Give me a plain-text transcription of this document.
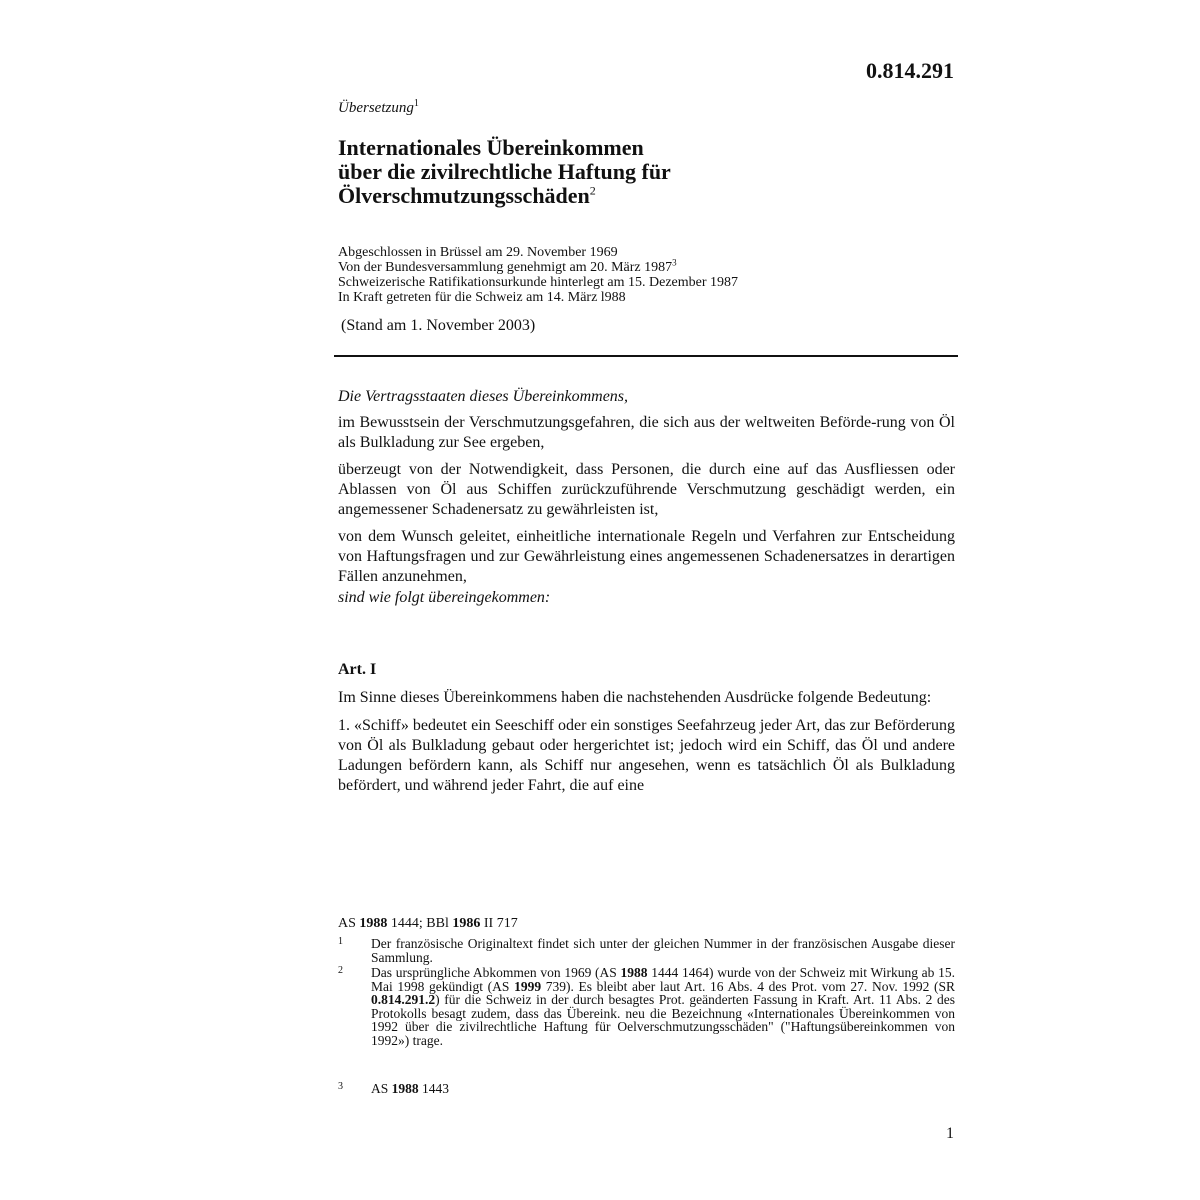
0.814.291
Übersetzung$^1$
Internationales Übereinkommen
über die zivilrechtliche Haftung für
Ölverschmutzungsschäden$^2$
Abgeschlossen in Brüssel am 29. November 1969
Von der Bundesversammlung genehmigt am 20. März 1987$^3$
Schweizerische Ratifikationsurkunde hinterlegt am 15. Dezember 1987
In Kraft getreten für die Schweiz am 14. März l988
(Stand am 1. November 2003)

Die Vertragsstaaten dieses Übereinkommens,

im Bewusstsein der Verschmutzungsgefahren, die sich aus der weltweiten Beförde-rung von Öl als Bulkladung zur See ergeben,

überzeugt von der Notwendigkeit, dass Personen, die durch eine auf das Ausfliessen oder Ablassen von Öl aus Schiffen zurückzuführende Verschmutzung geschädigt werden, ein angemessener Schadenersatz zu gewährleisten ist,

von dem Wunsch geleitet, einheitliche internationale Regeln und Verfahren zur Entscheidung von Haftungsfragen und zur Gewährleistung eines angemessenen Schadenersatzes in derartigen Fällen anzunehmen,

sind wie folgt übereingekommen:

Art. I

Im Sinne dieses Übereinkommens haben die nachstehenden Ausdrücke folgende Bedeutung:

1. «Schiff» bedeutet ein Seeschiff oder ein sonstiges Seefahrzeug jeder Art, das zur Beförderung von Öl als Bulkladung gebaut oder hergerichtet ist; jedoch wird ein Schiff, das Öl und andere Ladungen befördern kann, als Schiff nur angesehen, wenn es tatsächlich Öl als Bulkladung befördert, und während jeder Fahrt, die auf eine

AS 1988 1444; BBl 1986 II 717
1 Der französische Originaltext findet sich unter der gleichen Nummer in der französischen Ausgabe dieser Sammlung.
2 Das ursprüngliche Abkommen von 1969 (AS 1988 1444 1464) wurde von der Schweiz mit Wirkung ab 15. Mai 1998 gekündigt (AS 1999 739). Es bleibt aber laut Art. 16 Abs. 4 des Prot. vom 27. Nov. 1992 (SR 0.814.291.2) für die Schweiz in der durch besagtes Prot. geänderten Fassung in Kraft. Art. 11 Abs. 2 des Protokolls besagt zudem, dass das Übereink. neu die Bezeichnung «Internationales Übereinkommen von 1992 über die zivilrechtliche Haftung für Oelverschmutzungsschäden" ("Haftungsübereinkommen von 1992») trage.
3 AS 1988 1443
1
